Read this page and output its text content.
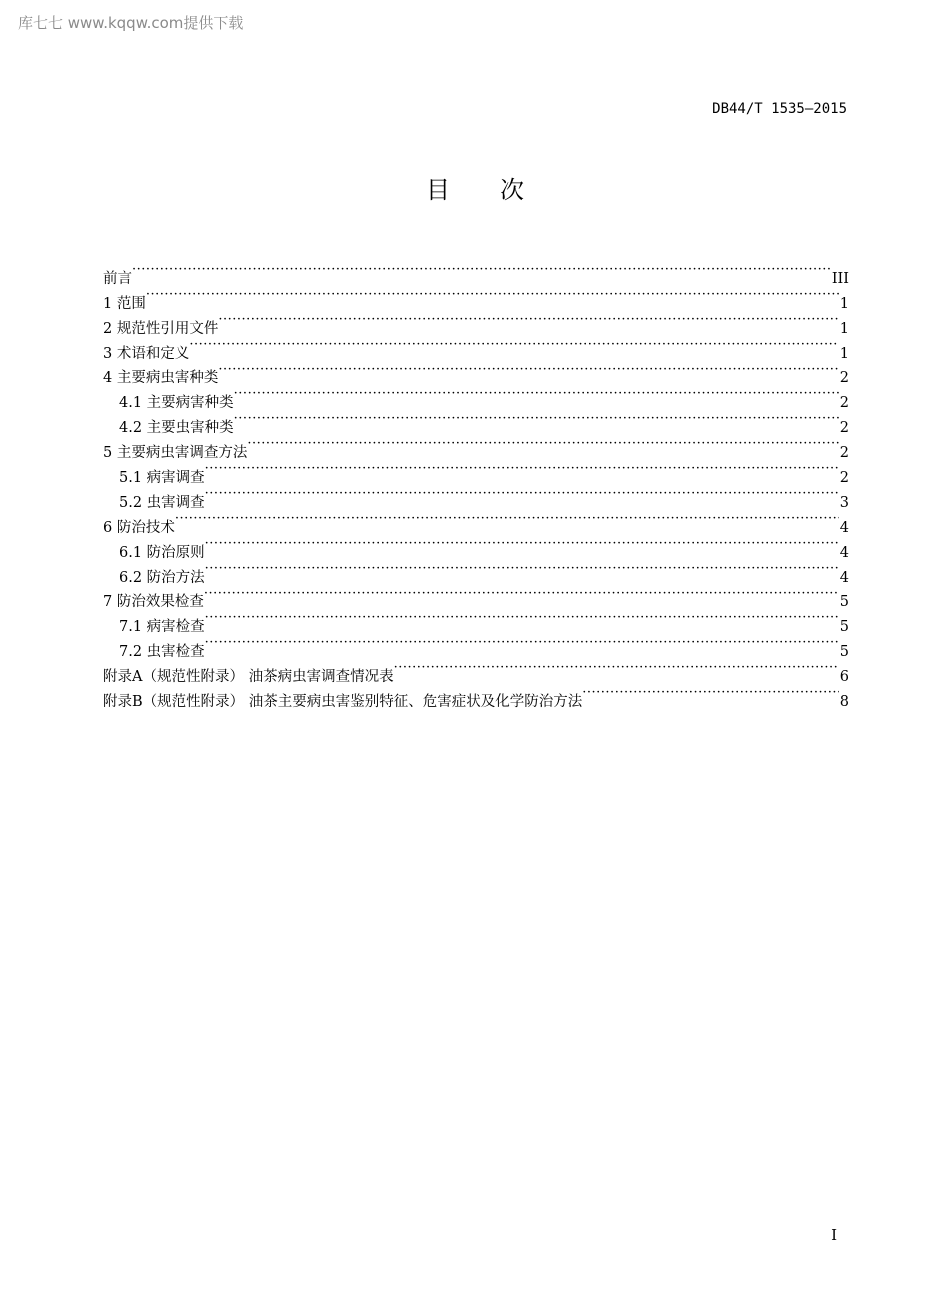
库七七 www.kqqw.com提供下载
DB44/T 1535—2015
目 次
前言 ·····	III
1 范围 ·····	1
2 规范性引用文件 ·····	1
3 术语和定义 ·····	1
4 主要病虫害种类 ·····	2
4.1 主要病害种类 ·····	2
4.2 主要虫害种类 ·····	2
5 主要病虫害调查方法 ·····	2
5.1 病害调查 ·····	2
5.2 虫害调查 ·····	3
6 防治技术 ·····	4
6.1 防治原则 ·····	4
6.2 防治方法 ·····	4
7 防治效果检查 ·····	5
7.1 病害检查 ·····	5
7.2 虫害检查 ·····	5
附录A（规范性附录） 油茶病虫害调查情况表 ·····	6
附录B（规范性附录） 油茶主要病虫害鉴别特征、危害症状及化学防治方法 ·····	8
I
